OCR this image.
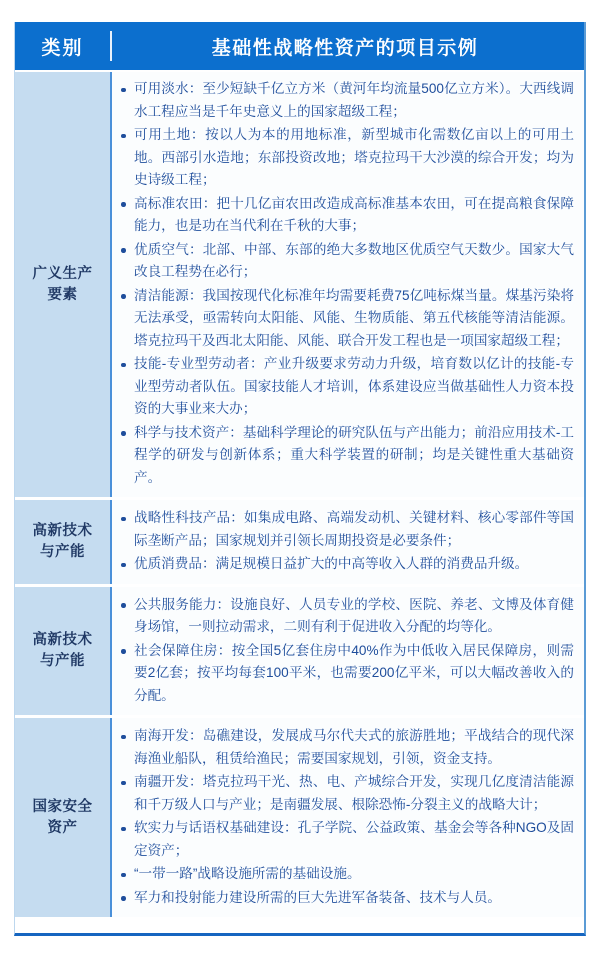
类别	基础性战略性资产的项目示例
广义生产
要素
可用淡水：至少短缺千亿立方米（黄河年均流量500亿立方米）。大西线调水工程应当是千年史意义上的国家超级工程；
可用土地：按以人为本的用地标准，新型城市化需数亿亩以上的可用土地。西部引水造地；东部投资改地；塔克拉玛干大沙漠的综合开发；均为史诗级工程；
高标准农田：把十几亿亩农田改造成高标准基本农田，可在提高粮食保障能力，也是功在当代利在千秋的大事；
优质空气：北部、中部、东部的绝大多数地区优质空气天数少。国家大气改良工程势在必行；
清洁能源：我国按现代化标准年均需要耗费75亿吨标煤当量。煤基污染将无法承受，亟需转向太阳能、风能、生物质能、第五代核能等清洁能源。塔克拉玛干及西北太阳能、风能、联合开发工程也是一项国家超级工程；
技能-专业型劳动者：产业升级要求劳动力升级，培育数以亿计的技能-专业型劳动者队伍。国家技能人才培训，体系建设应当做基础性人力资本投资的大事业来大办；
科学与技术资产：基础科学理论的研究队伍与产出能力；前沿应用技术-工程学的研发与创新体系；重大科学装置的研制；均是关键性重大基础资产。
高新技术
与产能
战略性科技产品：如集成电路、高端发动机、关键材料、核心零部件等国际垄断产品；国家规划并引领长周期投资是必要条件；
优质消费品：满足规模日益扩大的中高等收入人群的消费品升级。
高新技术
与产能
公共服务能力：设施良好、人员专业的学校、医院、养老、文博及体育健身场馆，一则拉动需求，二则有利于促进收入分配的均等化。
社会保障住房：按全国5亿套住房中40%作为中低收入居民保障房，则需要2亿套；按平均每套100平米，也需要200亿平米，可以大幅改善收入的分配。
国家安全
资产
南海开发：岛礁建设，发展成马尔代夫式的旅游胜地；平战结合的现代深海渔业船队，租赁给渔民；需要国家规划，引领，资金支持。
南疆开发：塔克拉玛干光、热、电、产城综合开发，实现几亿度清洁能源和千万级人口与产业；是南疆发展、根除恐怖-分裂主义的战略大计；
软实力与话语权基础建设：孔子学院、公益政策、基金会等各种NGO及固定资产；
“一带一路”战略设施所需的基础设施。
军力和投射能力建设所需的巨大先进军备装备、技术与人员。
